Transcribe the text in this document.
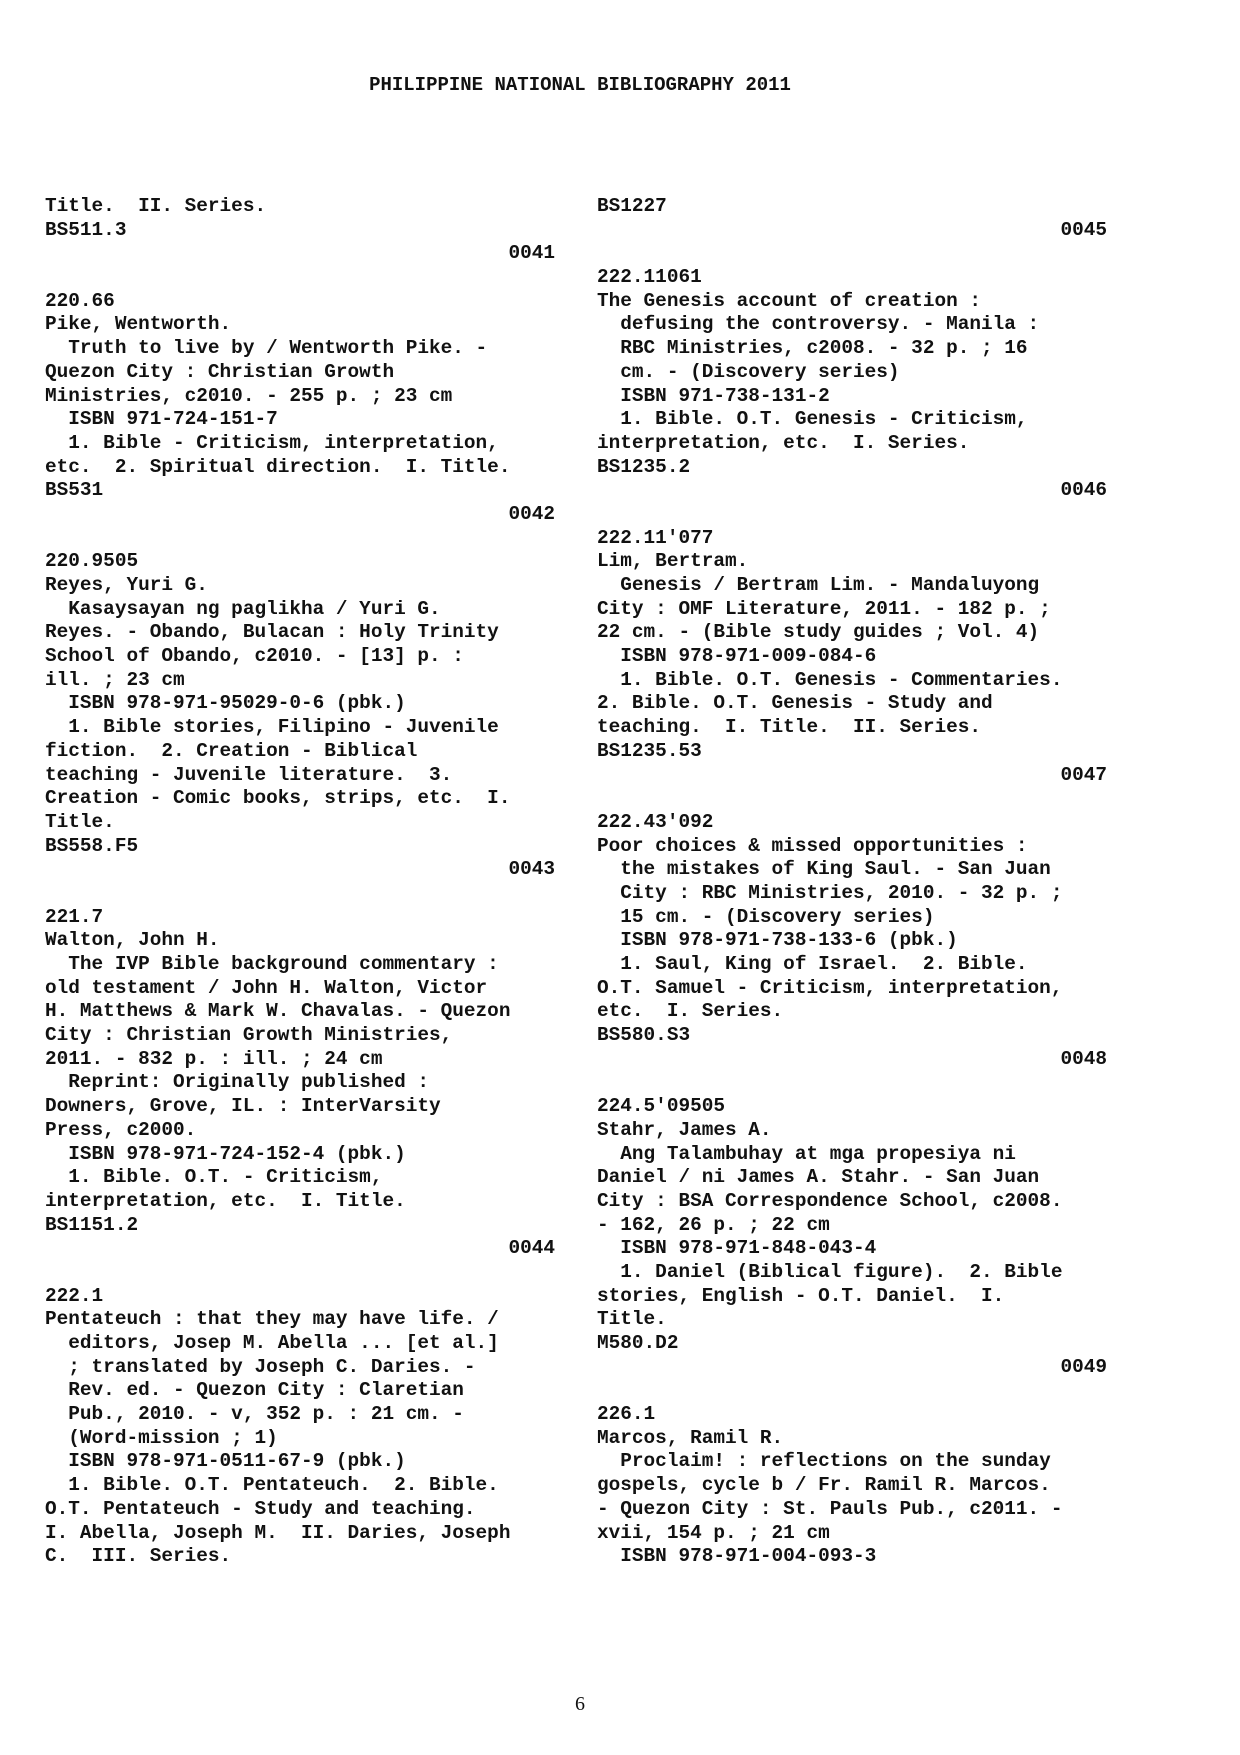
PHILIPPINE NATIONAL BIBLIOGRAPHY 2011
Title.  II. Series.
BS511.3
0041
220.66
Pike, Wentworth.
Truth to live by / Wentworth Pike. -
Quezon City : Christian Growth
Ministries, c2010. - 255 p. ; 23 cm
ISBN 971-724-151-7
1. Bible - Criticism, interpretation,
etc.  2. Spiritual direction.  I. Title.
BS531
0042
220.9505
Reyes, Yuri G.
Kasaysayan ng paglikha / Yuri G.
Reyes. - Obando, Bulacan : Holy Trinity
School of Obando, c2010. - [13] p. :
ill. ; 23 cm
ISBN 978-971-95029-0-6 (pbk.)
1. Bible stories, Filipino - Juvenile
fiction.  2. Creation - Biblical
teaching - Juvenile literature.  3.
Creation - Comic books, strips, etc.  I.
Title.
BS558.F5
0043
221.7
Walton, John H.
The IVP Bible background commentary :
old testament / John H. Walton, Victor
H. Matthews & Mark W. Chavalas. - Quezon
City : Christian Growth Ministries,
2011. - 832 p. : ill. ; 24 cm
Reprint: Originally published :
Downers, Grove, IL. : InterVarsity
Press, c2000.
ISBN 978-971-724-152-4 (pbk.)
1. Bible. O.T. - Criticism,
interpretation, etc.  I. Title.
BS1151.2
0044
222.1
Pentateuch : that they may have life. /
editors, Josep M. Abella ... [et al.]
; translated by Joseph C. Daries. -
Rev. ed. - Quezon City : Claretian
Pub., 2010. - v, 352 p. : 21 cm. -
(Word-mission ; 1)
ISBN 978-971-0511-67-9 (pbk.)
1. Bible. O.T. Pentateuch.  2. Bible.
O.T. Pentateuch - Study and teaching.
I. Abella, Joseph M.  II. Daries, Joseph
C.  III. Series.
BS1227
0045
222.11061
The Genesis account of creation :
defusing the controversy. - Manila :
RBC Ministries, c2008. - 32 p. ; 16
cm. - (Discovery series)
ISBN 971-738-131-2
1. Bible. O.T. Genesis - Criticism,
interpretation, etc.  I. Series.
BS1235.2
0046
222.11'077
Lim, Bertram.
Genesis / Bertram Lim. - Mandaluyong
City : OMF Literature, 2011. - 182 p. ;
22 cm. - (Bible study guides ; Vol. 4)
ISBN 978-971-009-084-6
1. Bible. O.T. Genesis - Commentaries.
2. Bible. O.T. Genesis - Study and
teaching.  I. Title.  II. Series.
BS1235.53
0047
222.43'092
Poor choices & missed opportunities :
the mistakes of King Saul. - San Juan
City : RBC Ministries, 2010. - 32 p. ;
15 cm. - (Discovery series)
ISBN 978-971-738-133-6 (pbk.)
1. Saul, King of Israel.  2. Bible.
O.T. Samuel - Criticism, interpretation,
etc.  I. Series.
BS580.S3
0048
224.5'09505
Stahr, James A.
Ang Talambuhay at mga propesiya ni
Daniel / ni James A. Stahr. - San Juan
City : BSA Correspondence School, c2008.
- 162, 26 p. ; 22 cm
ISBN 978-971-848-043-4
1. Daniel (Biblical figure).  2. Bible
stories, English - O.T. Daniel.  I.
Title.
M580.D2
0049
226.1
Marcos, Ramil R.
Proclaim! : reflections on the sunday
gospels, cycle b / Fr. Ramil R. Marcos.
- Quezon City : St. Pauls Pub., c2011. -
xvii, 154 p. ; 21 cm
ISBN 978-971-004-093-3
6
